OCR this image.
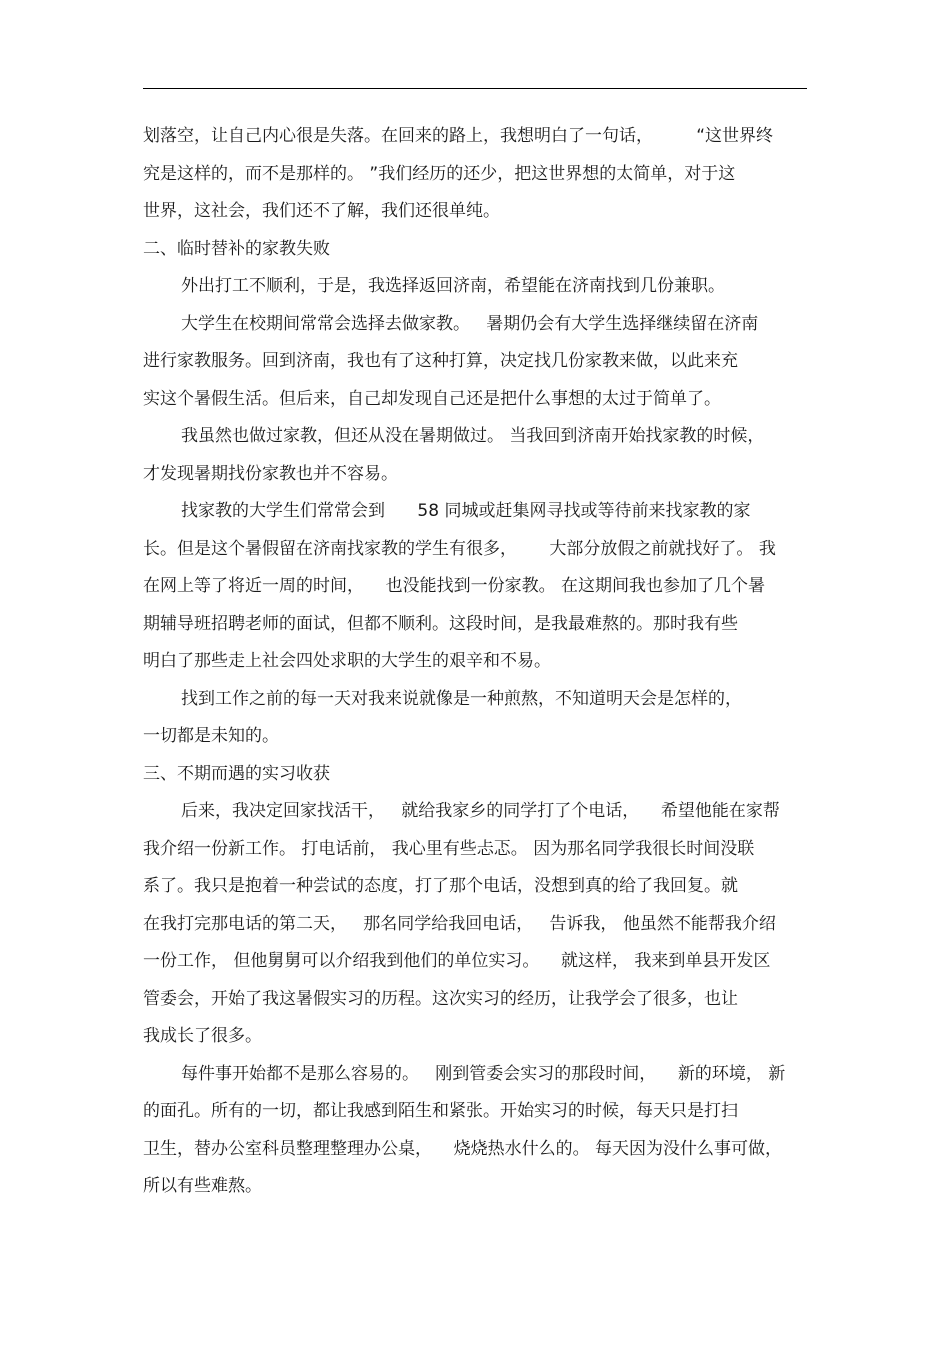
划落空，让自己内心很是失落。在回来的路上，我想明白了一句话，        “这世界终
究是这样的，而不是那样的。 ”我们经历的还少，把这世界想的太简单，对于这
世界，这社会，我们还不了解，我们还很单纯。
二、临时替补的家教失败
外出打工不顺利，于是，我选择返回济南，希望能在济南找到几份兼职。
大学生在校期间常常会选择去做家教。   暑期仍会有大学生选择继续留在济南
进行家教服务。回到济南，我也有了这种打算，决定找几份家教来做，以此来充
实这个暑假生活。但后来，自己却发现自己还是把什么事想的太过于简单了。
我虽然也做过家教，但还从没在暑期做过。 当我回到济南开始找家教的时候，
才发现暑期找份家教也并不容易。
找家教的大学生们常常会到      58 同城或赶集网寻找或等待前来找家教的家
长。但是这个暑假留在济南找家教的学生有很多，      大部分放假之前就找好了。 我
在网上等了将近一周的时间，    也没能找到一份家教。 在这期间我也参加了几个暑
期辅导班招聘老师的面试，但都不顺利。这段时间，是我最难熬的。那时我有些
明白了那些走上社会四处求职的大学生的艰辛和不易。
找到工作之前的每一天对我来说就像是一种煎熬，不知道明天会是怎样的，
一切都是未知的。
三、不期而遇的实习收获
后来，我决定回家找活干，   就给我家乡的同学打了个电话，    希望他能在家帮
我介绍一份新工作。 打电话前， 我心里有些忐忑。 因为那名同学我很长时间没联
系了。我只是抱着一种尝试的态度，打了那个电话，没想到真的给了我回复。就
在我打完那电话的第二天，   那名同学给我回电话，   告诉我， 他虽然不能帮我介绍
一份工作， 但他舅舅可以介绍我到他们的单位实习。    就这样， 我来到单县开发区
管委会，开始了我这暑假实习的历程。这次实习的经历，让我学会了很多，也让
我成长了很多。
每件事开始都不是那么容易的。   刚到管委会实习的那段时间，    新的环境， 新
的面孔。所有的一切，都让我感到陌生和紧张。开始实习的时候，每天只是打扫
卫生，替办公室科员整理整理办公桌，    烧烧热水什么的。 每天因为没什么事可做，
所以有些难熬。
